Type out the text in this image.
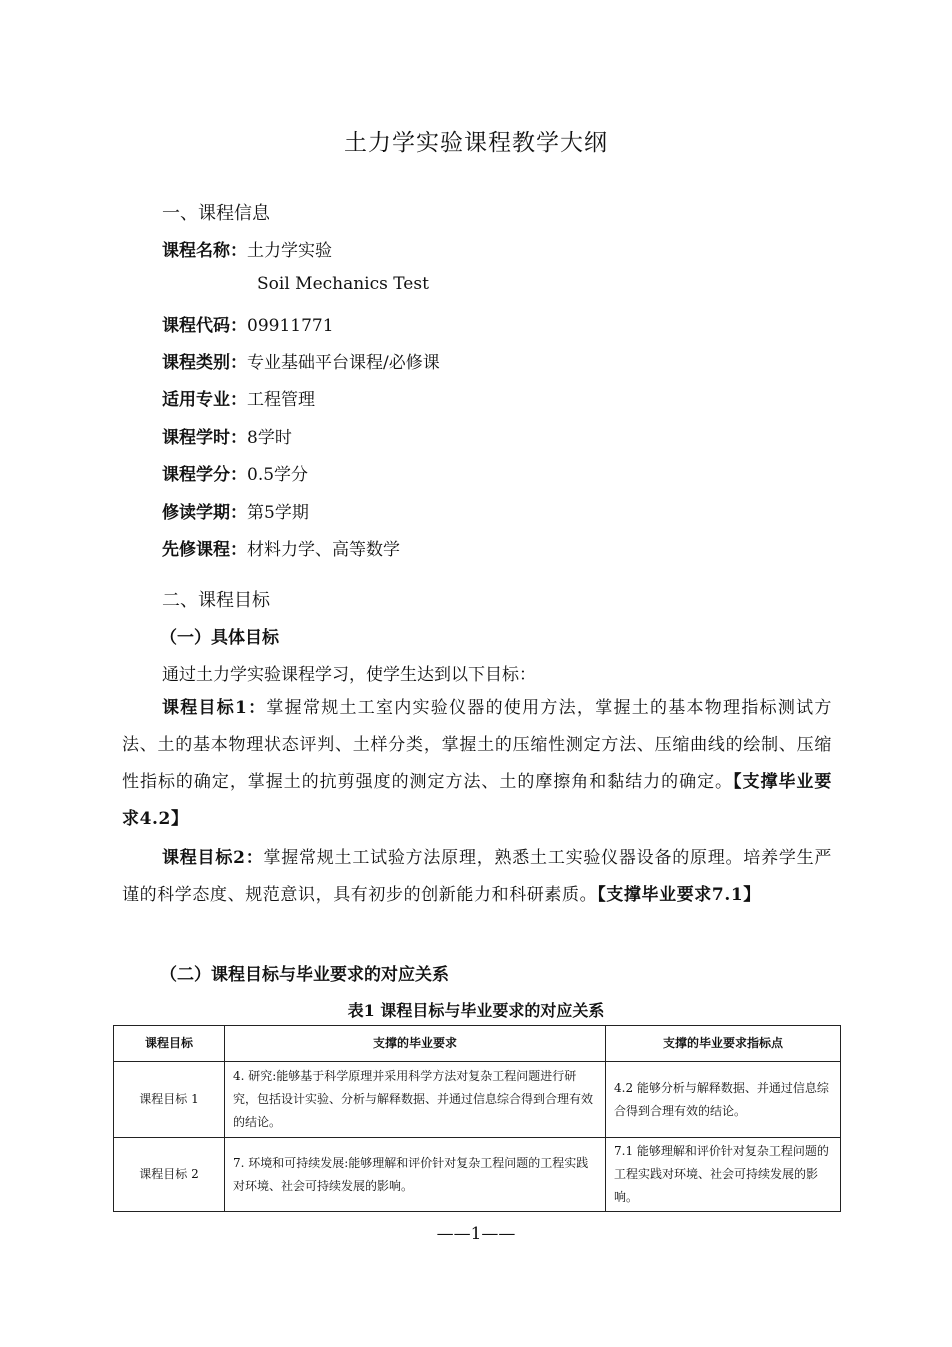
土力学实验课程教学大纲
一、课程信息
课程名称：土力学实验
Soil Mechanics Test
课程代码：09911771
课程类别：专业基础平台课程/必修课
适用专业：工程管理
课程学时：8学时
课程学分：0.5学分
修读学期：第5学期
先修课程：材料力学、高等数学
二、课程目标
（一）具体目标
通过土力学实验课程学习，使学生达到以下目标：
课程目标1：掌握常规土工室内实验仪器的使用方法，掌握土的基本物理指标测试方法、土的基本物理状态评判、土样分类，掌握土的压缩性测定方法、压缩曲线的绘制、压缩性指标的确定，掌握土的抗剪强度的测定方法、土的摩擦角和黏结力的确定。【支撑毕业要求4.2】
课程目标2：掌握常规土工试验方法原理，熟悉土工实验仪器设备的原理。培养学生严谨的科学态度、规范意识，具有初步的创新能力和科研素质。【支撑毕业要求7.1】
（二）课程目标与毕业要求的对应关系
表1 课程目标与毕业要求的对应关系
课程目标	支撑的毕业要求	支撑的毕业要求指标点
课程目标 1	4. 研究:能够基于科学原理并采用科学方法对复杂工程问题进行研究，包括设计实验、分析与解释数据、并通过信息综合得到合理有效的结论。	4.2 能够分析与解释数据、并通过信息综合得到合理有效的结论。
课程目标 2	7. 环境和可持续发展:能够理解和评价针对复杂工程问题的工程实践对环境、社会可持续发展的影响。	7.1 能够理解和评价针对复杂工程问题的工程实践对环境、社会可持续发展的影响。
——1——
